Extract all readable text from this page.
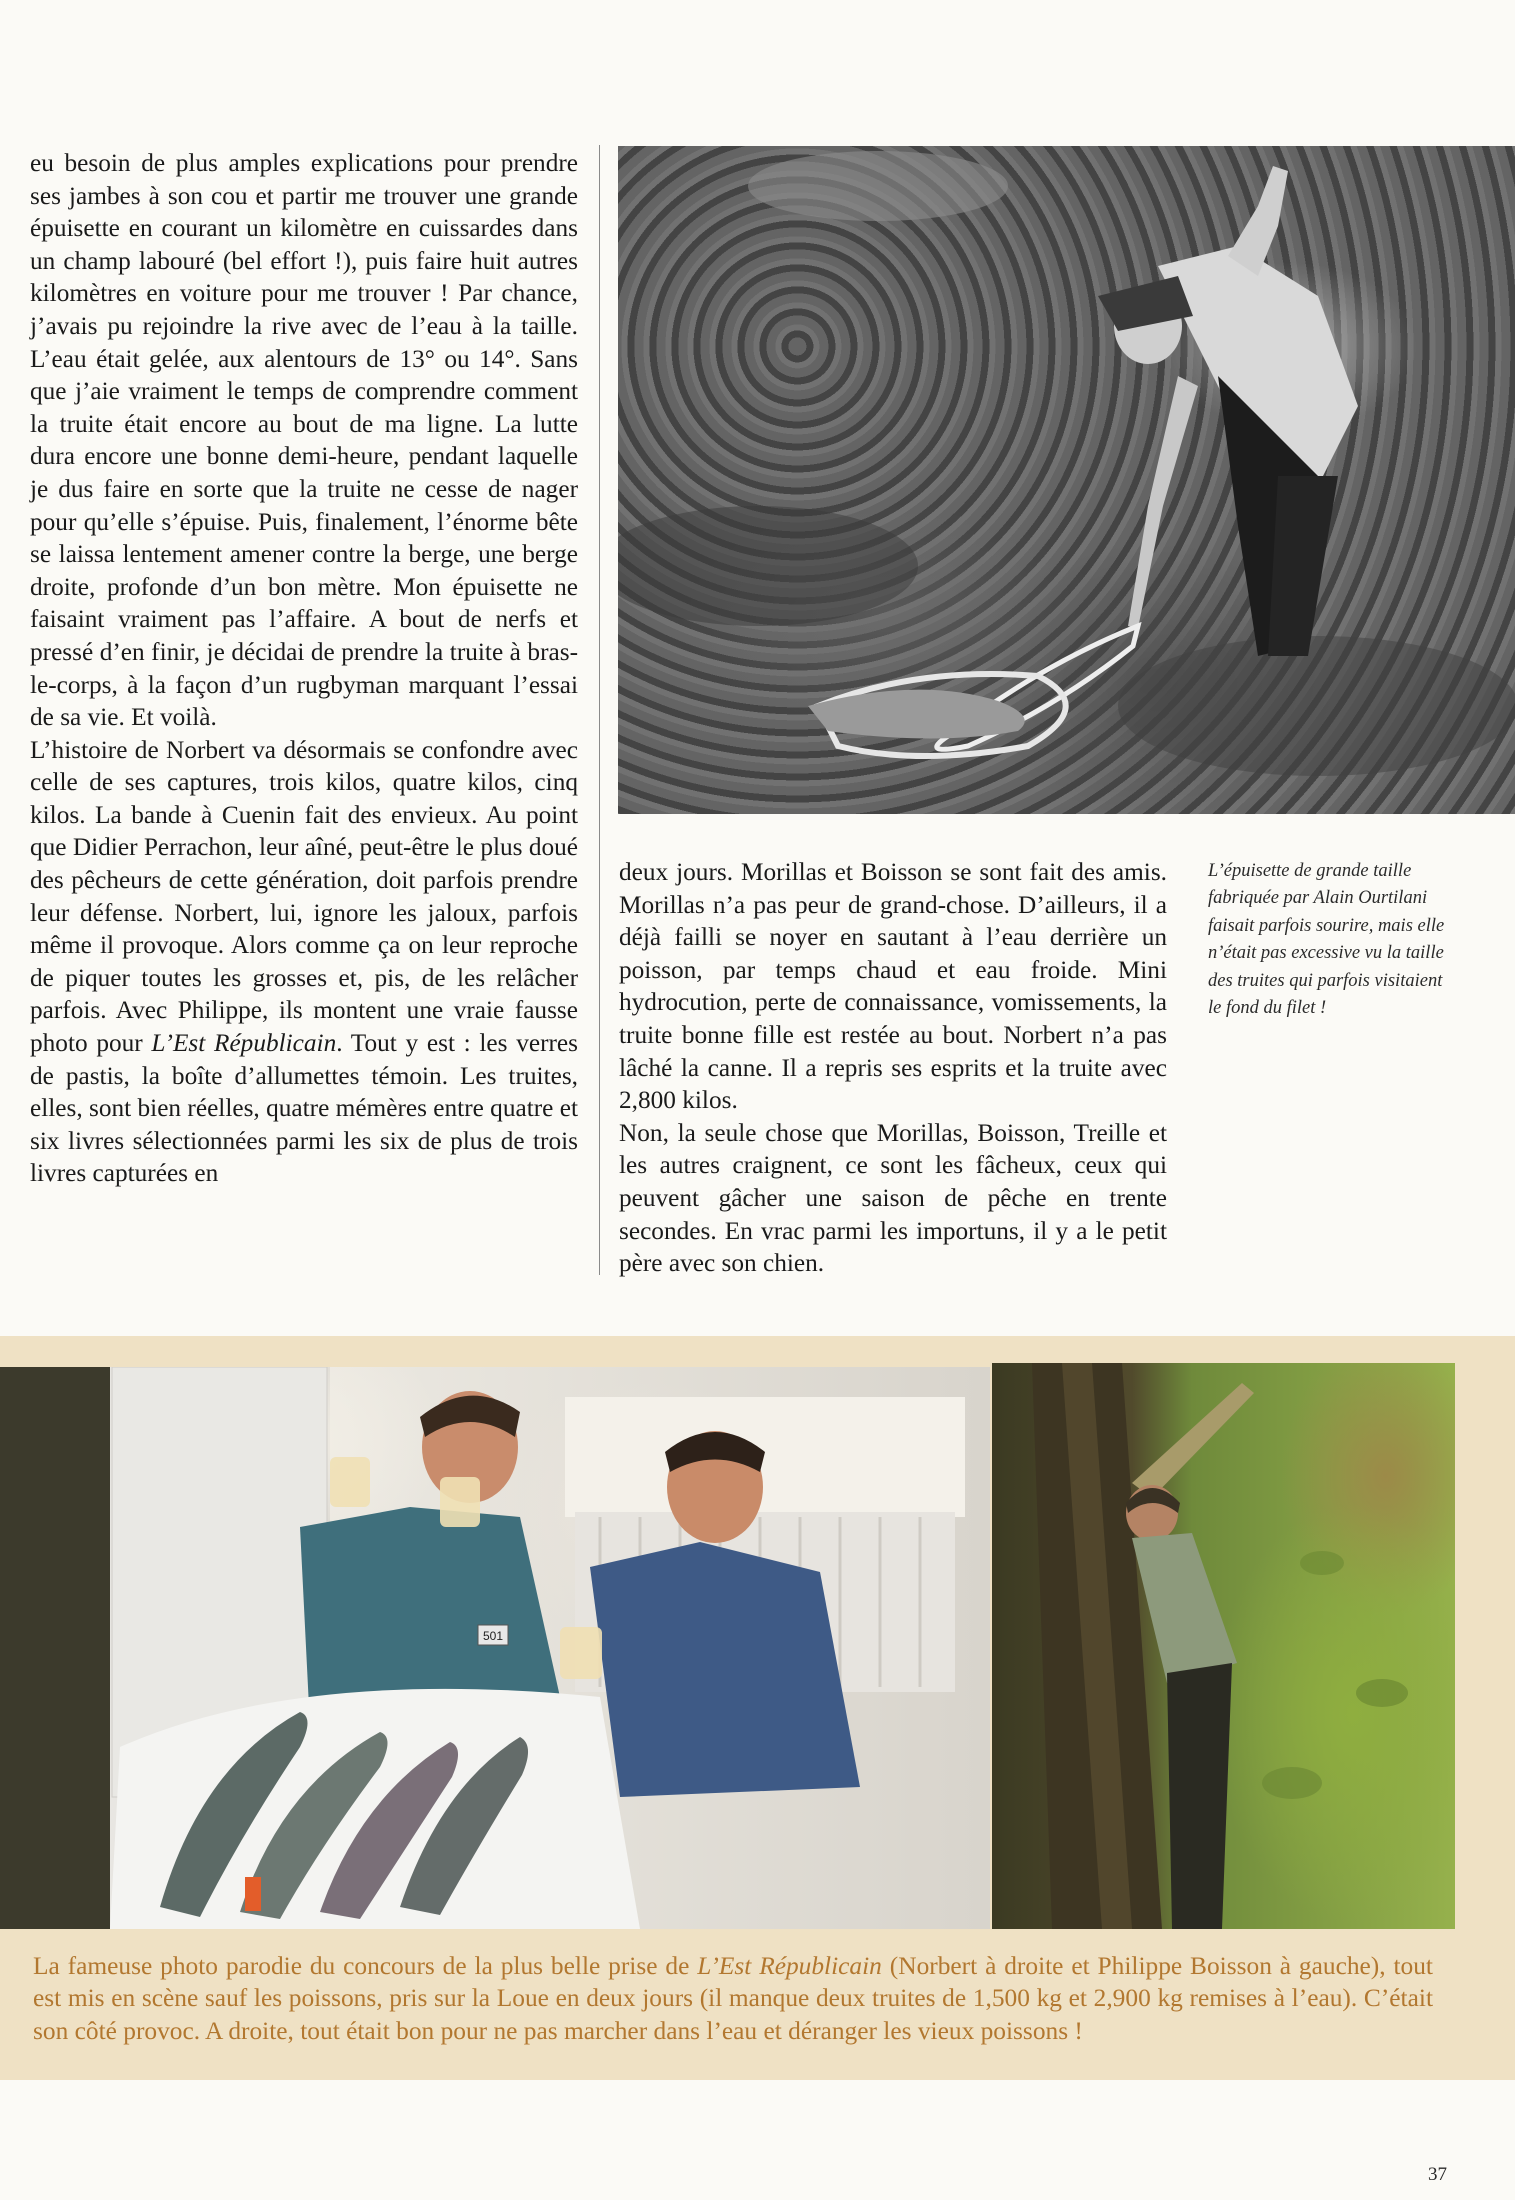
eu besoin de plus amples explications pour prendre ses jambes à son cou et partir me trouver une grande épuisette en courant un kilomètre en cuissardes dans un champ labouré (bel effort !), puis faire huit autres kilomètres en voiture pour me trouver ! Par chance, j’avais pu rejoindre la rive avec de l’eau à la taille. L’eau était gelée, aux alentours de 13° ou 14°. Sans que j’aie vraiment le temps de comprendre comment la truite était encore au bout de ma ligne. La lutte dura encore une bonne demi-heure, pendant laquelle je dus faire en sorte que la truite ne cesse de nager pour qu’elle s’épuise. Puis, finalement, l’énorme bête se laissa lentement amener contre la berge, une berge droite, profonde d’un bon mètre. Mon épuisette ne faisaint vraiment pas l’affaire. A bout de nerfs et pressé d’en finir, je décidai de prendre la truite à bras-le-corps, à la façon d’un rugbyman marquant l’essai de sa vie. Et voilà.

L’histoire de Norbert va désormais se confondre avec celle de ses captures, trois kilos, quatre kilos, cinq kilos. La bande à Cuenin fait des envieux. Au point que Didier Perrachon, leur aîné, peut-être le plus doué des pêcheurs de cette génération, doit parfois prendre leur défense. Norbert, lui, ignore les jaloux, parfois même il provoque. Alors comme ça on leur reproche de piquer toutes les grosses et, pis, de les relâcher parfois. Avec Philippe, ils montent une vraie fausse photo pour L’Est Républicain. Tout y est : les verres de pastis, la boîte d’allumettes témoin. Les truites, elles, sont bien réelles, quatre mémères entre quatre et six livres sélectionnées parmi les six de plus de trois livres capturées en

L’épuisette de grande taille fabriquée par Alain Ourtilani faisait parfois sourire, mais elle n’était pas excessive vu la taille des truites qui parfois visitaient le fond du filet !

deux jours. Morillas et Boisson se sont fait des amis. Morillas n’a pas peur de grand-chose. D’ailleurs, il a déjà failli se noyer en sautant à l’eau derrière un poisson, par temps chaud et eau froide. Mini hydrocution, perte de connaissance, vomissements, la truite bonne fille est restée au bout. Norbert n’a pas lâché la canne. Il a repris ses esprits et la truite avec 2,800 kilos.

Non, la seule chose que Morillas, Boisson, Treille et les autres craignent, ce sont les fâcheux, ceux qui peuvent gâcher une saison de pêche en trente secondes. En vrac parmi les importuns, il y a le petit père avec son chien.

501

La fameuse photo parodie du concours de la plus belle prise de L’Est Républicain (Norbert à droite et Philippe Boisson à gauche), tout est mis en scène sauf les poissons, pris sur la Loue en deux jours (il manque deux truites de 1,500 kg et 2,900 kg remises à l’eau). C’était son côté provoc. A droite, tout était bon pour ne pas marcher dans l’eau et déranger les vieux poissons !

37
